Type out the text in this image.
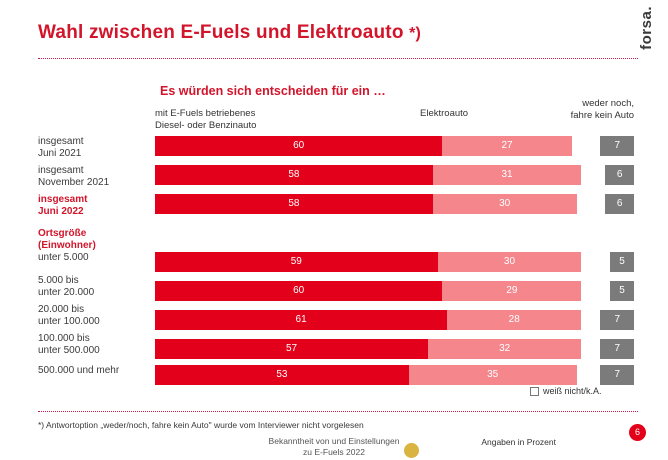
forsa.
Wahl zwischen E-Fuels und Elektroauto *)
Es würden sich entscheiden für ein …
mit E-Fuels betriebenes
Diesel- oder Benzinauto
Elektroauto
weder noch,
fahre kein Auto
insgesamt
Juni 2021
60	27	7
insgesamt
November 2021
58	31	6
insgesamt
Juni 2022
58	30	6
unter 5.000	59	30	5
5.000 bis
unter 20.000	60	29	5
20.000 bis
unter 100.000	61	28	7
100.000 bis
unter 500.000	57	32	7
500.000 und mehr	53	35	7
Ortsgröße
(Einwohner)
weiß nicht/k.A.
*) Antwortoption „weder/noch, fahre kein Auto" wurde vom Interviewer nicht vorgelesen
Bekanntheit von und Einstellungen
zu E-Fuels 2022
Angaben in Prozent
6
